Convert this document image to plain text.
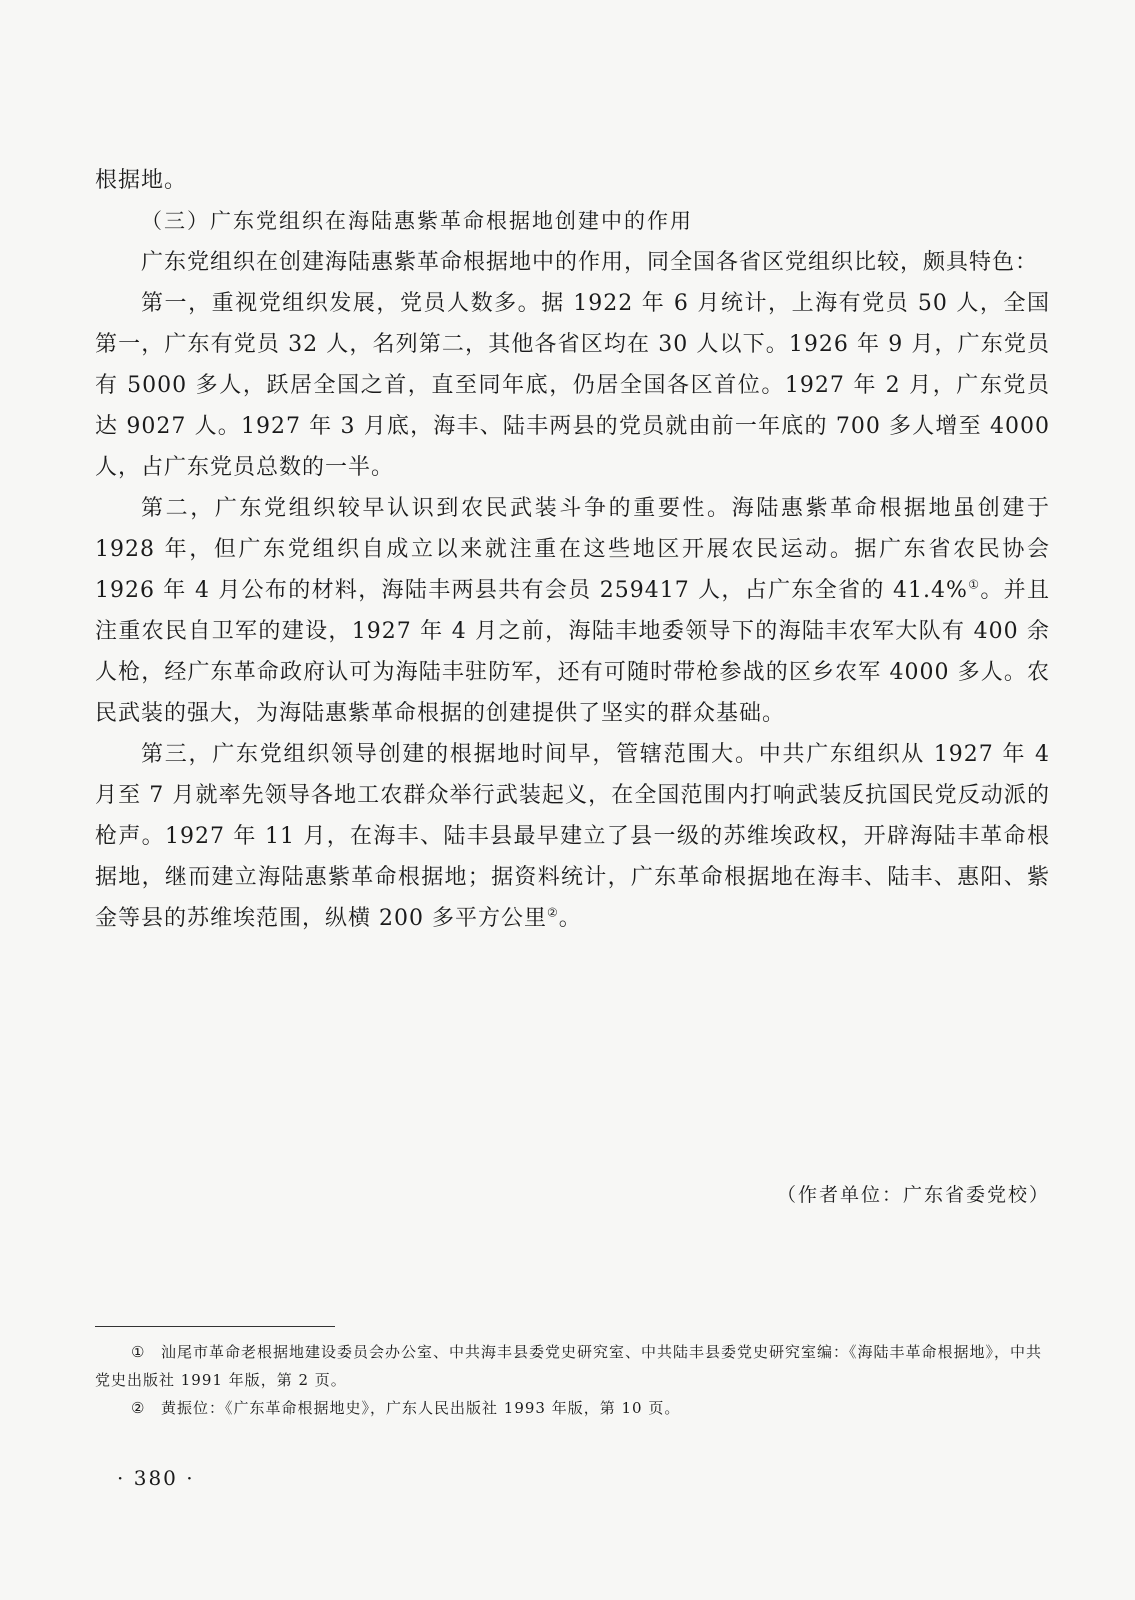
根据地。

（三）广东党组织在海陆惠紫革命根据地创建中的作用

广东党组织在创建海陆惠紫革命根据地中的作用，同全国各省区党组织比较，颇具特色：

第一，重视党组织发展，党员人数多。据 1922 年 6 月统计，上海有党员 50 人，全国第一，广东有党员 32 人，名列第二，其他各省区均在 30 人以下。1926 年 9 月，广东党员有 5000 多人，跃居全国之首，直至同年底，仍居全国各区首位。1927 年 2 月，广东党员达 9027 人。1927 年 3 月底，海丰、陆丰两县的党员就由前一年底的 700 多人增至 4000 人，占广东党员总数的一半。

第二，广东党组织较早认识到农民武装斗争的重要性。海陆惠紫革命根据地虽创建于 1928 年，但广东党组织自成立以来就注重在这些地区开展农民运动。据广东省农民协会 1926 年 4 月公布的材料，海陆丰两县共有会员 259417 人，占广东全省的 41.4%①。并且注重农民自卫军的建设，1927 年 4 月之前，海陆丰地委领导下的海陆丰农军大队有 400 余人枪，经广东革命政府认可为海陆丰驻防军，还有可随时带枪参战的区乡农军 4000 多人。农民武装的强大，为海陆惠紫革命根据的创建提供了坚实的群众基础。

第三，广东党组织领导创建的根据地时间早，管辖范围大。中共广东组织从 1927 年 4 月至 7 月就率先领导各地工农群众举行武装起义，在全国范围内打响武装反抗国民党反动派的枪声。1927 年 11 月，在海丰、陆丰县最早建立了县一级的苏维埃政权，开辟海陆丰革命根据地，继而建立海陆惠紫革命根据地；据资料统计，广东革命根据地在海丰、陆丰、惠阳、紫金等县的苏维埃范围，纵横 200 多平方公里②。

（作者单位：广东省委党校）

① 汕尾市革命老根据地建设委员会办公室、中共海丰县委党史研究室、中共陆丰县委党史研究室编：《海陆丰革命根据地》，中共党史出版社 1991 年版，第 2 页。

② 黄振位：《广东革命根据地史》，广东人民出版社 1993 年版，第 10 页。

· 380 ·
